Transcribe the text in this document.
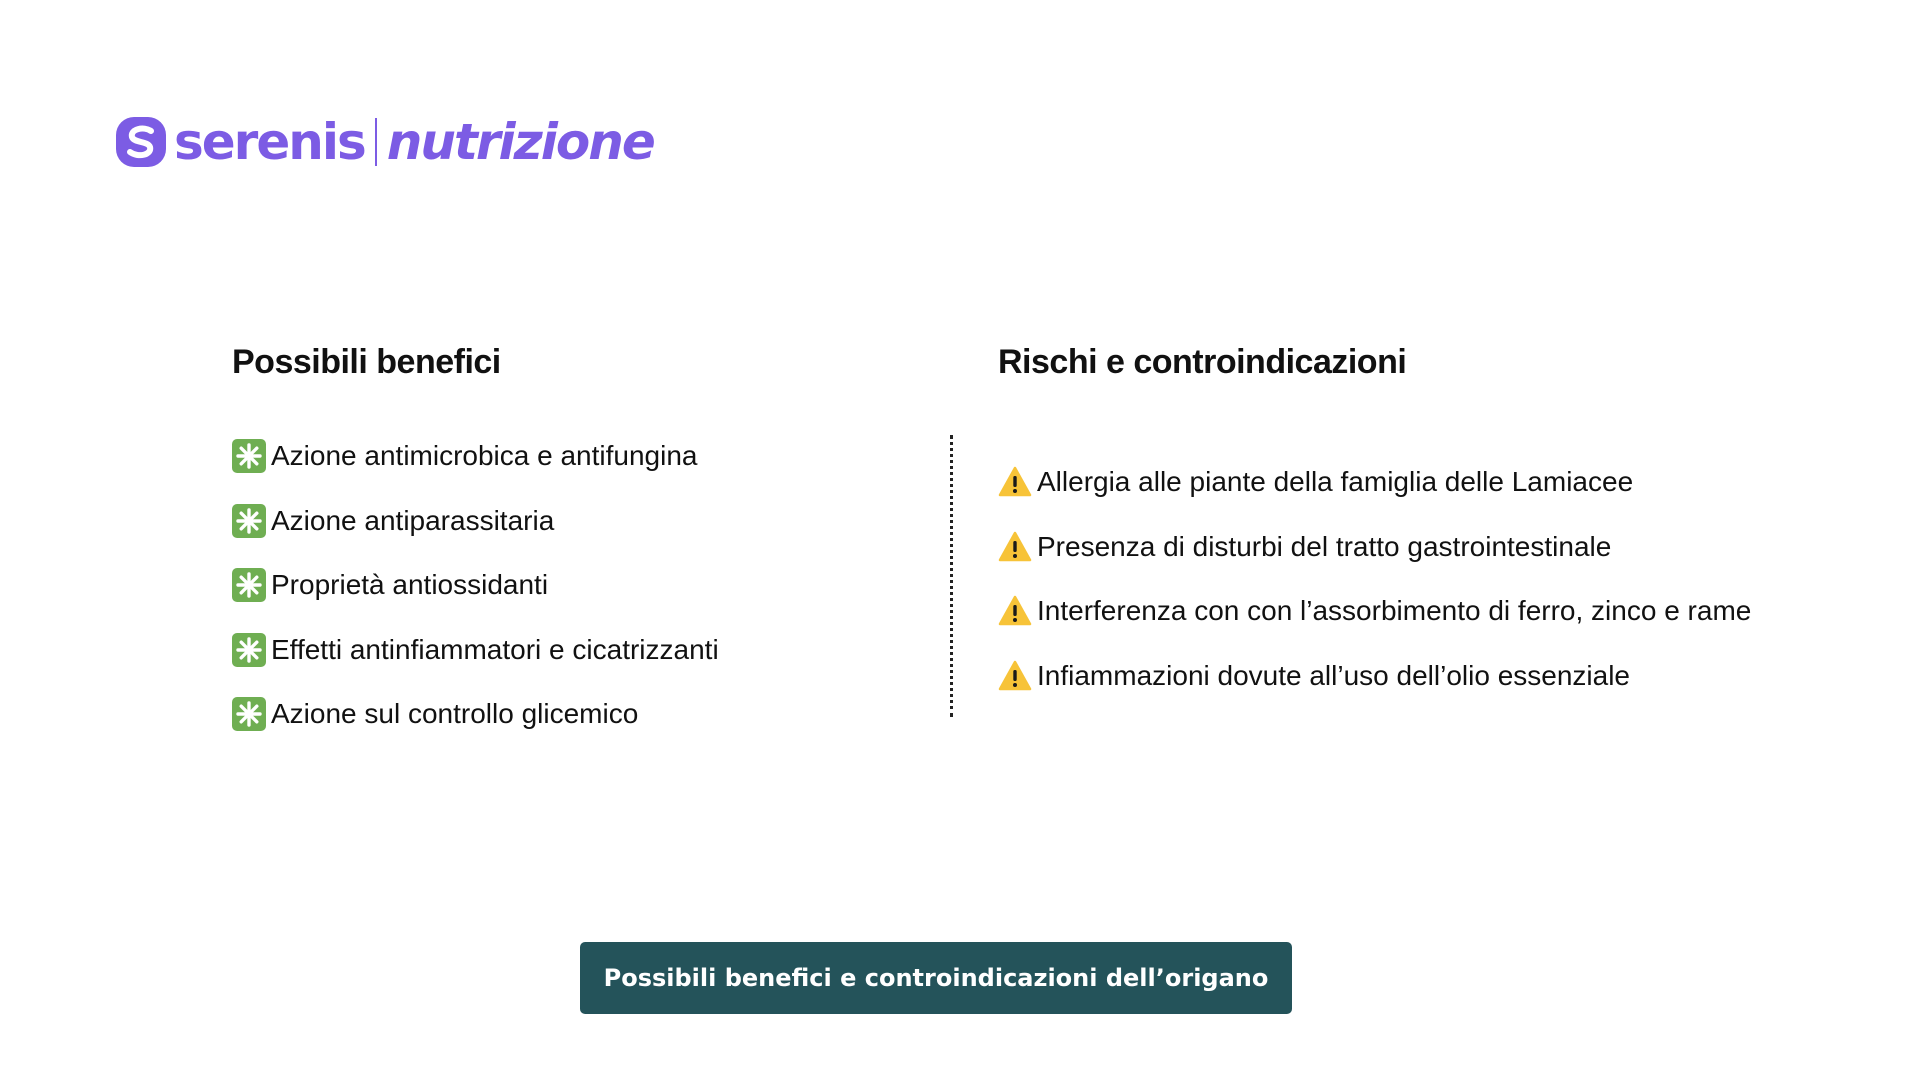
serenis nutrizione
Possibili benefici
Azione antimicrobica e antifungina
Azione antiparassitaria
Proprietà antiossidanti
Effetti antinfiammatori e cicatrizzanti
Azione sul controllo glicemico
Rischi e controindicazioni
Allergia alle piante della famiglia delle Lamiacee
Presenza di disturbi del tratto gastrointestinale
Interferenza con con l’assorbimento di ferro, zinco e rame
Infiammazioni dovute all’uso dell’olio essenziale
Possibili benefici e controindicazioni dell’origano
